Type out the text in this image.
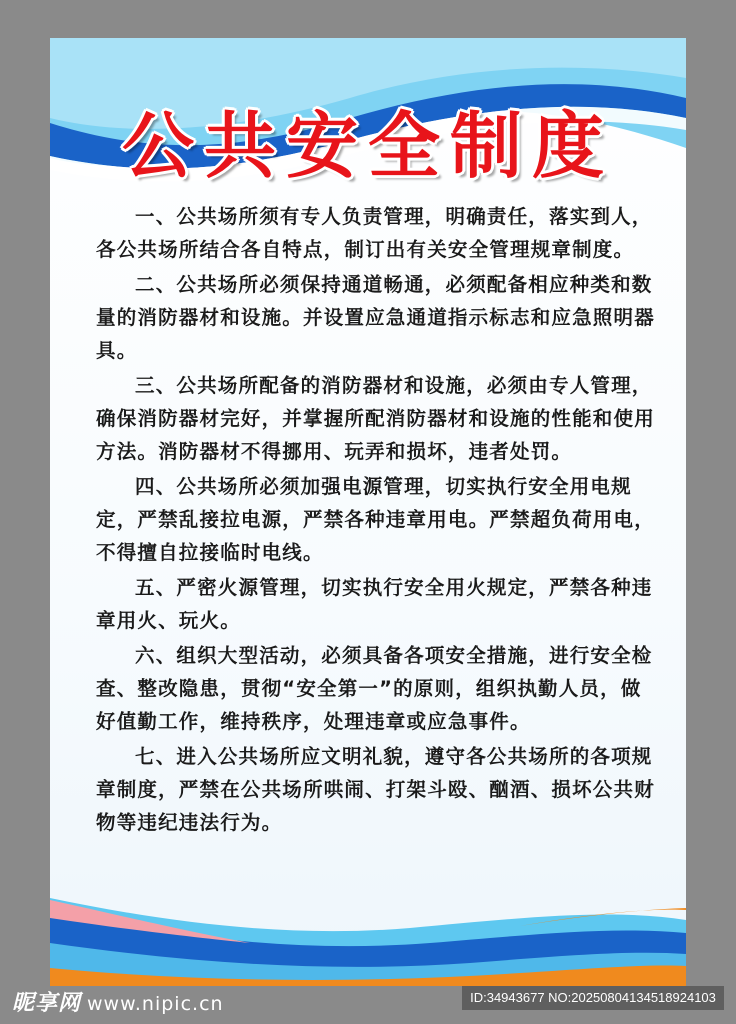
公共安全制度

一、公共场所须有专人负责管理，明确责任，落实到人，各公共场所结合各自特点，制订出有关安全管理规章制度。

二、公共场所必须保持通道畅通，必须配备相应种类和数量的消防器材和设施。并设置应急通道指示标志和应急照明器具。

三、公共场所配备的消防器材和设施，必须由专人管理，确保消防器材完好，并掌握所配消防器材和设施的性能和使用方法。消防器材不得挪用、玩弄和损坏，违者处罚。

四、公共场所必须加强电源管理，切实执行安全用电规定，严禁乱接拉电源，严禁各种违章用电。严禁超负荷用电，不得擅自拉接临时电线。

五、严密火源管理，切实执行安全用火规定，严禁各种违章用火、玩火。

六、组织大型活动，必须具备各项安全措施，进行安全检查、整改隐患，贯彻“安全第一”的原则，组织执勤人员，做好值勤工作，维持秩序，处理违章或应急事件。

七、进入公共场所应文明礼貌，遵守各公共场所的各项规章制度，严禁在公共场所哄闹、打架斗殴、酗酒、损坏公共财物等违纪违法行为。

昵享网 www.nipic.cn	ID:34943677 NO:20250804134518924103
